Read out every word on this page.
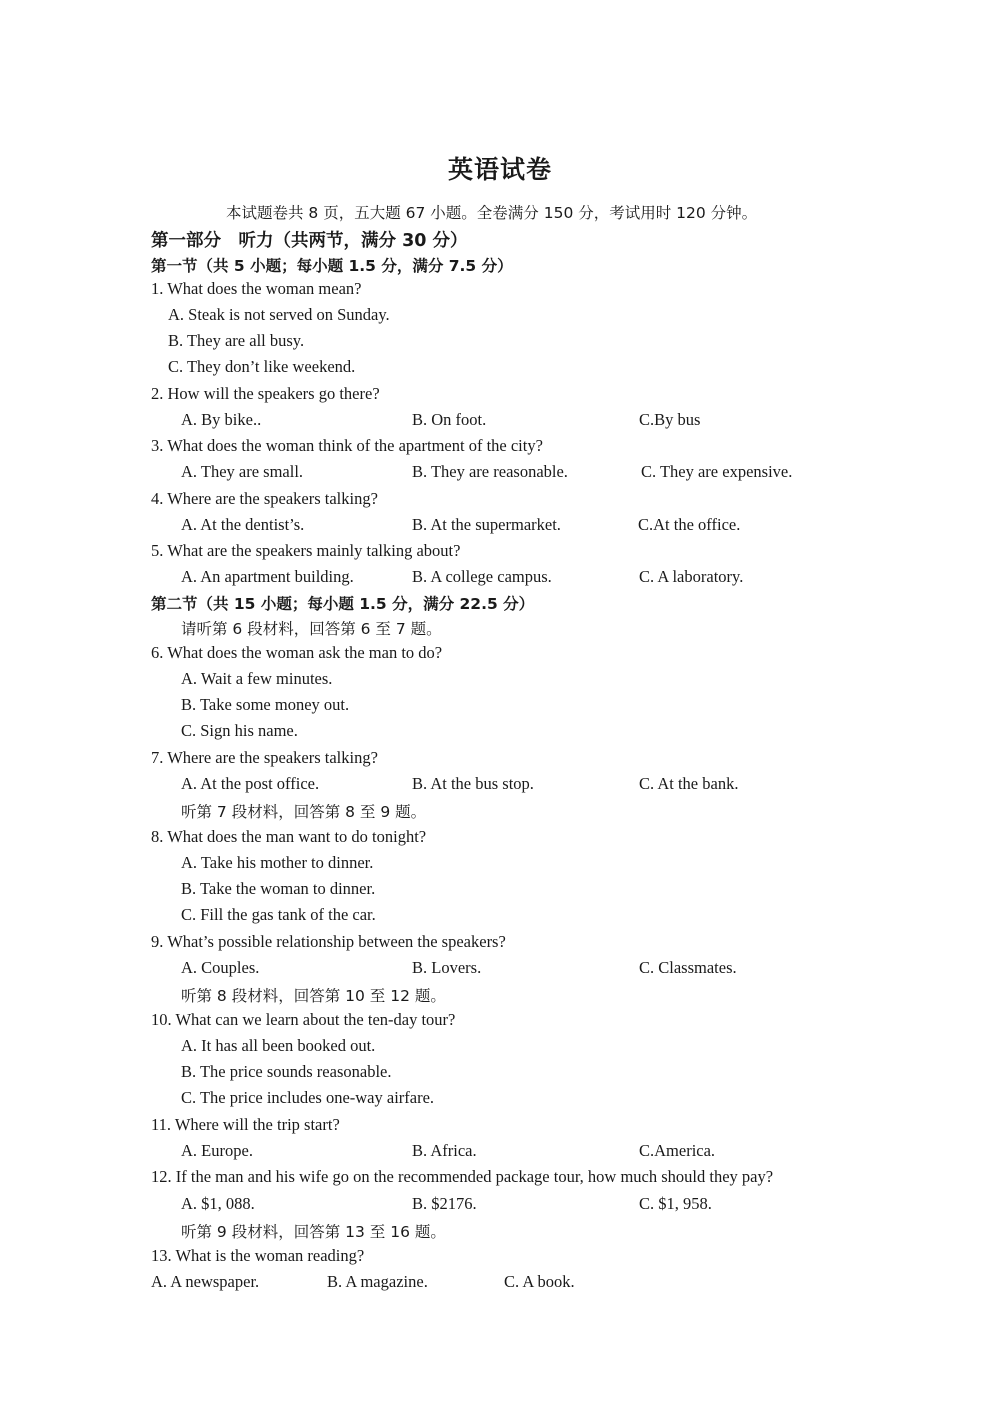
英语试卷
本试题卷共 8 页，五大题 67 小题。全卷满分 150 分，考试用时 120 分钟。
第一部分　听力（共两节，满分 30 分）
第一节（共 5 小题；每小题 1.5 分，满分 7.5 分）
1. What does the woman mean?
A. Steak is not served on Sunday.
B. They are all busy.
C. They don’t like weekend.
2. How will the speakers go there?
A. By bike..	B. On foot.	C.By bus
3. What does the woman think of the apartment of the city?
A. They are small.	B. They are reasonable.	C. They are expensive.
4. Where are the speakers talking?
A. At the dentist’s.	B. At the supermarket.	C.At the office.
5. What are the speakers mainly talking about?
A. An apartment building.	B. A college campus.	C. A laboratory.
第二节（共 15 小题；每小题 1.5 分，满分 22.5 分）
请听第 6 段材料，回答第 6 至 7 题。
6. What does the woman ask the man to do?
A. Wait a few minutes.
B. Take some money out.
C. Sign his name.
7. Where are the speakers talking?
A. At the post office.	B. At the bus stop.	C. At the bank.
听第 7 段材料，回答第 8 至 9 题。
8. What does the man want to do tonight?
A. Take his mother to dinner.
B. Take the woman to dinner.
C. Fill the gas tank of the car.
9. What’s possible relationship between the speakers?
A. Couples.	B. Lovers.	C. Classmates.
听第 8 段材料，回答第 10 至 12 题。
10. What can we learn about the ten-day tour?
A. It has all been booked out.
B. The price sounds reasonable.
C. The price includes one-way airfare.
11. Where will the trip start?
A. Europe.	B. Africa.	C.America.
12. If the man and his wife go on the recommended package tour, how much should they pay?
A. $1, 088.	B. $2176.	C. $1, 958.
听第 9 段材料，回答第 13 至 16 题。
13. What is the woman reading?
A. A newspaper.	B. A magazine.	C. A book.
